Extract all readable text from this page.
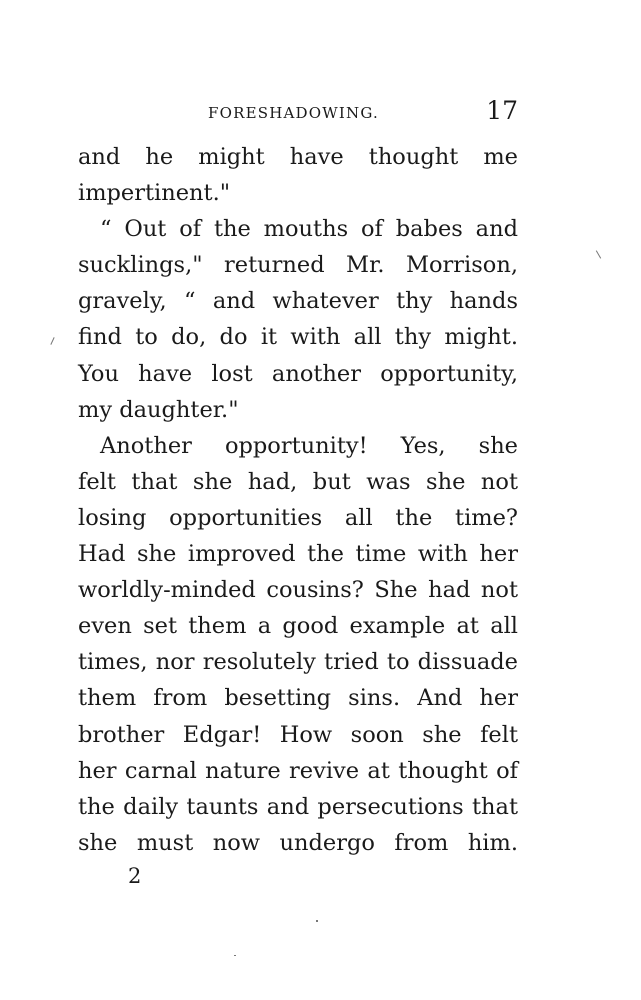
FORESHADOWING.	17
and he might have thought me
impertinent."
“ Out of the mouths of babes and
sucklings," returned Mr. Morrison,
gravely, “ and whatever thy hands
find to do, do it with all thy might.
You have lost another opportunity,
my daughter."
Another opportunity! Yes, she
felt that she had, but was she not
losing opportunities all the time?
Had she improved the time with her
worldly-minded cousins? She had not
even set them a good example at all
times, nor resolutely tried to dissuade
them from besetting sins. And her
brother Edgar! How soon she felt
her carnal nature revive at thought of
the daily taunts and persecutions that
she must now undergo from him.
2
